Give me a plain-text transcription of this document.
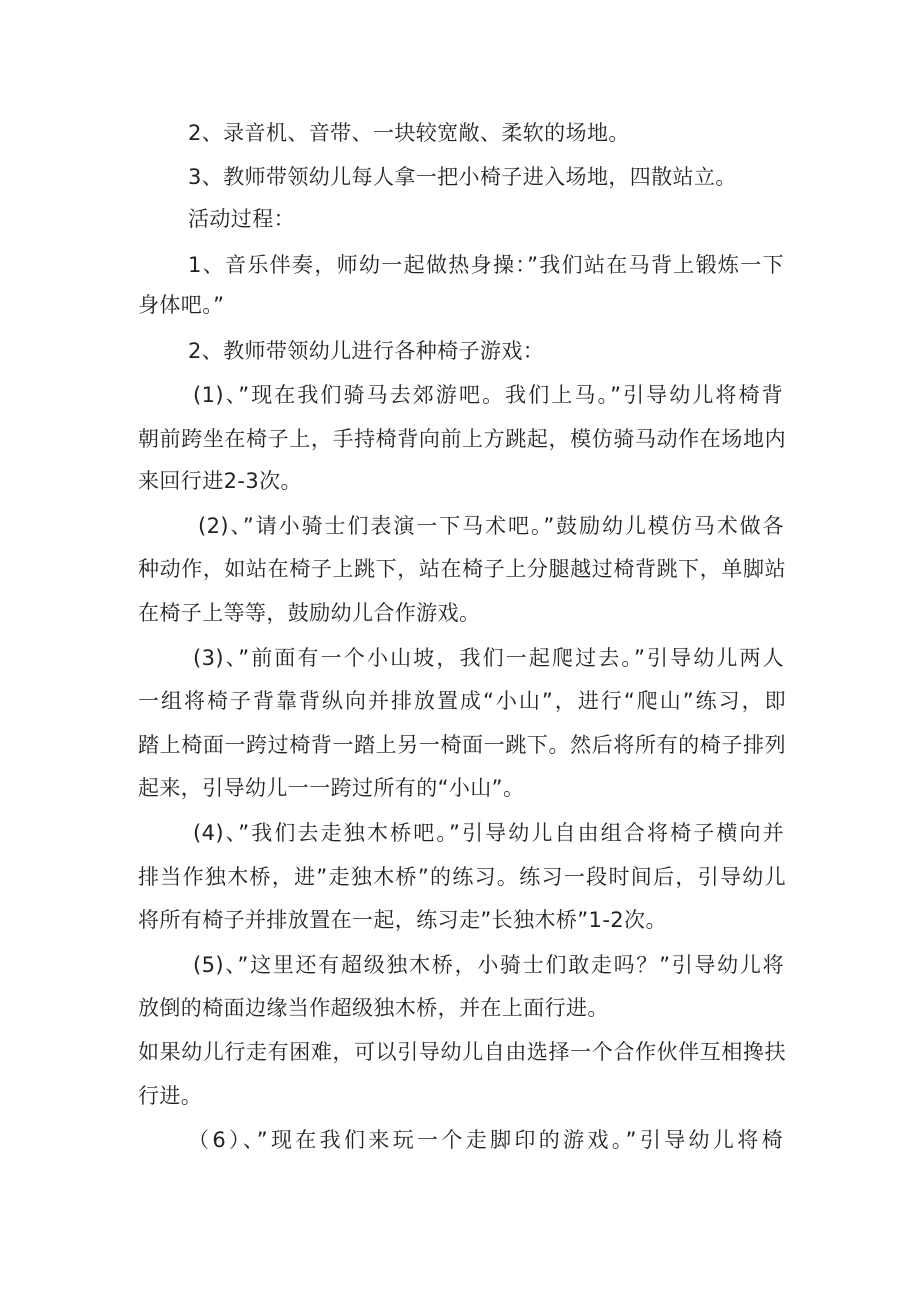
2、录音机、音带、一块较宽敞、柔软的场地。
3、教师带领幼儿每人拿一把小椅子进入场地，四散站立。
活动过程：
1、音乐伴奏，师幼一起做热身操：”我们站在马背上锻炼一下
身体吧。”
2、教师带领幼儿进行各种椅子游戏：
(1)、”现在我们骑马去郊游吧。我们上马。”引导幼儿将椅背
朝前跨坐在椅子上，手持椅背向前上方跳起，模仿骑马动作在场地内
来回行进2-3次。
(2)、”请小骑士们表演一下马术吧。”鼓励幼儿模仿马术做各
种动作，如站在椅子上跳下，站在椅子上分腿越过椅背跳下，单脚站
在椅子上等等，鼓励幼儿合作游戏。
(3)、”前面有一个小山坡，我们一起爬过去。”引导幼儿两人
一组将椅子背靠背纵向并排放置成“小山”，进行“爬山”练习，即
踏上椅面一跨过椅背一踏上另一椅面一跳下。然后将所有的椅子排列
起来，引导幼儿一一跨过所有的“小山”。
(4)、”我们去走独木桥吧。”引导幼儿自由组合将椅子横向并
排当作独木桥，进”走独木桥”的练习。练习一段时间后，引导幼儿
将所有椅子并排放置在一起，练习走”长独木桥”1-2次。
(5)、”这里还有超级独木桥，小骑士们敢走吗？”引导幼儿将
放倒的椅面边缘当作超级独木桥，并在上面行进。
如果幼儿行走有困难，可以引导幼儿自由选择一个合作伙伴互相搀扶
行进。
（6）、”现在我们来玩一个走脚印的游戏。”引导幼儿将椅
